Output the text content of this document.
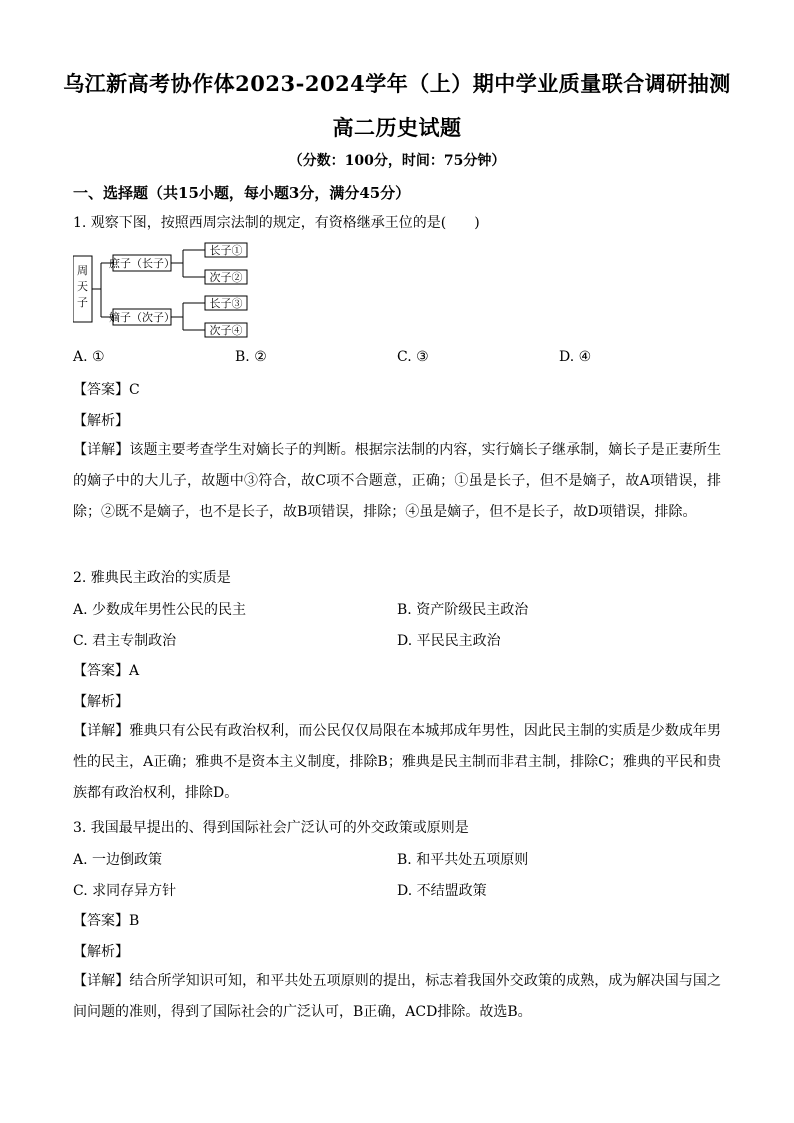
乌江新高考协作体2023-2024学年（上）期中学业质量联合调研抽测
高二历史试题
（分数：100分，时间：75分钟）
一、选择题（共15小题，每小题3分，满分45分）
1. 观察下图，按照西周宗法制的规定，有资格继承王位的是(　　)
周
天
子
庶子（长子）
嫡子（次子）
长子①
次子②
长子③
次子④
A. ①	B. ②	C. ③	D. ④
【答案】C
【解析】
【详解】该题主要考查学生对嫡长子的判断。根据宗法制的内容，实行嫡长子继承制，嫡长子是正妻所生的嫡子中的大儿子，故题中③符合，故C项不合题意，正确；①虽是长子，但不是嫡子，故A项错误，排除；②既不是嫡子，也不是长子，故B项错误，排除；④虽是嫡子，但不是长子，故D项错误，排除。
2. 雅典民主政治的实质是
A. 少数成年男性公民的民主	B. 资产阶级民主政治
C. 君主专制政治	D. 平民民主政治
【答案】A
【解析】
【详解】雅典只有公民有政治权利，而公民仅仅局限在本城邦成年男性，因此民主制的实质是少数成年男性的民主，A正确；雅典不是资本主义制度，排除B；雅典是民主制而非君主制，排除C；雅典的平民和贵族都有政治权利，排除D。
3. 我国最早提出的、得到国际社会广泛认可的外交政策或原则是
A. 一边倒政策	B. 和平共处五项原则
C. 求同存异方针	D. 不结盟政策
【答案】B
【解析】
【详解】结合所学知识可知，和平共处五项原则的提出，标志着我国外交政策的成熟，成为解决国与国之间问题的准则，得到了国际社会的广泛认可，B正确，ACD排除。故选B。
